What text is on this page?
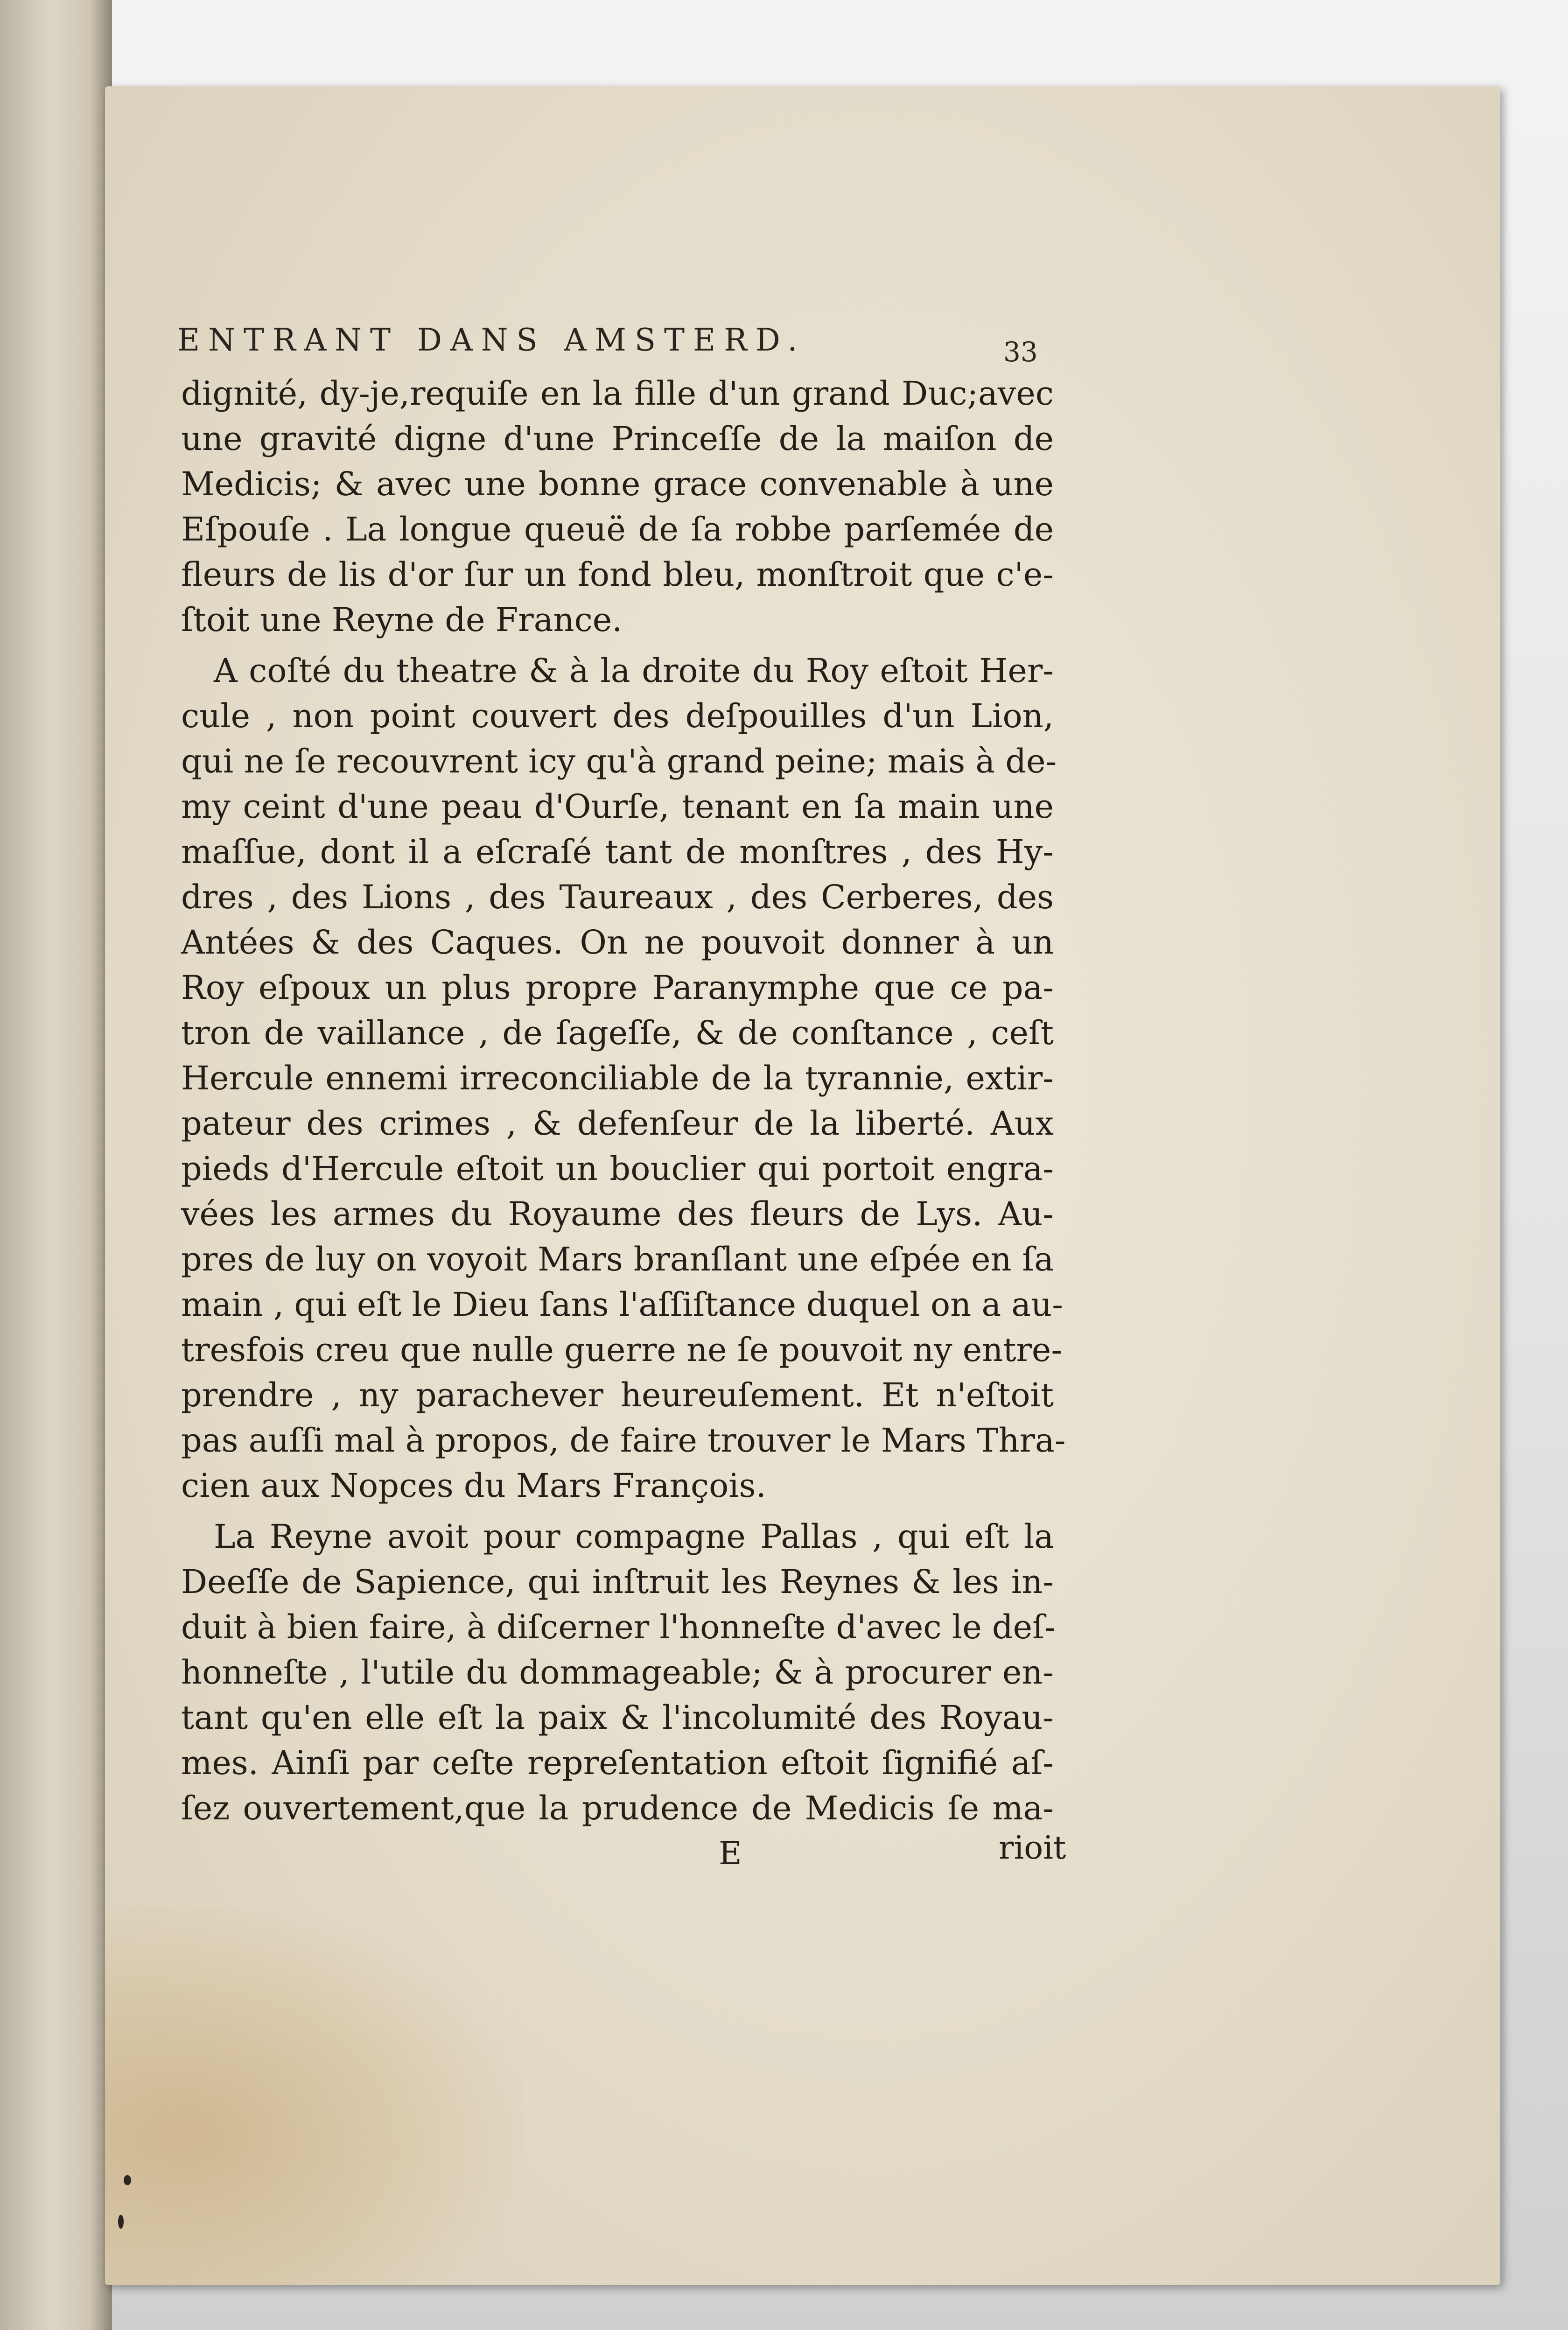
ENTRANT DANS AMSTERD.	33
dignité, dy-je,requiſe en la fille d'un grand Duc;avec
une gravité digne d'une Princeſſe de la maiſon de
Medicis; & avec une bonne grace convenable à une
Eſpouſe . La longue queuë de ſa robbe parſemée de
fleurs de lis d'or ſur un fond bleu, monſtroit que c'e-
ſtoit une Reyne de France.
A coſté du theatre & à la droite du Roy eſtoit Her-
cule , non point couvert des deſpouilles d'un Lion,
qui ne ſe recouvrent icy qu'à grand peine; mais à de-
my ceint d'une peau d'Ourſe, tenant en ſa main une
maſſue, dont il a eſcraſé tant de monſtres , des Hy-
dres , des Lions , des Taureaux , des Cerberes, des
Antées & des Caques. On ne pouvoit donner à un
Roy eſpoux un plus propre Paranymphe que ce pa-
tron de vaillance , de ſageſſe, & de conſtance , ceſt
Hercule ennemi irreconciliable de la tyrannie, extir-
pateur des crimes , & defenſeur de la liberté. Aux
pieds d'Hercule eſtoit un bouclier qui portoit engra-
vées les armes du Royaume des fleurs de Lys. Au-
pres de luy on voyoit Mars branſlant une eſpée en ſa
main , qui eſt le Dieu ſans l'aſſiſtance duquel on a au-
tresfois creu que nulle guerre ne ſe pouvoit ny entre-
prendre , ny parachever heureuſement. Et n'eſtoit
pas auſſi mal à propos, de faire trouver le Mars Thra-
cien aux Nopces du Mars François.
La Reyne avoit pour compagne Pallas , qui eſt la
Deeſſe de Sapience, qui inſtruit les Reynes & les in-
duit à bien faire, à diſcerner l'honneſte d'avec le deſ-
honneſte , l'utile du dommageable; & à procurer en-
tant qu'en elle eſt la paix & l'incolumité des Royau-
mes. Ainſi par ceſte repreſentation eſtoit ſignifié aſ-
ſez ouvertement,que la prudence de Medicis ſe ma-
E	rioit
